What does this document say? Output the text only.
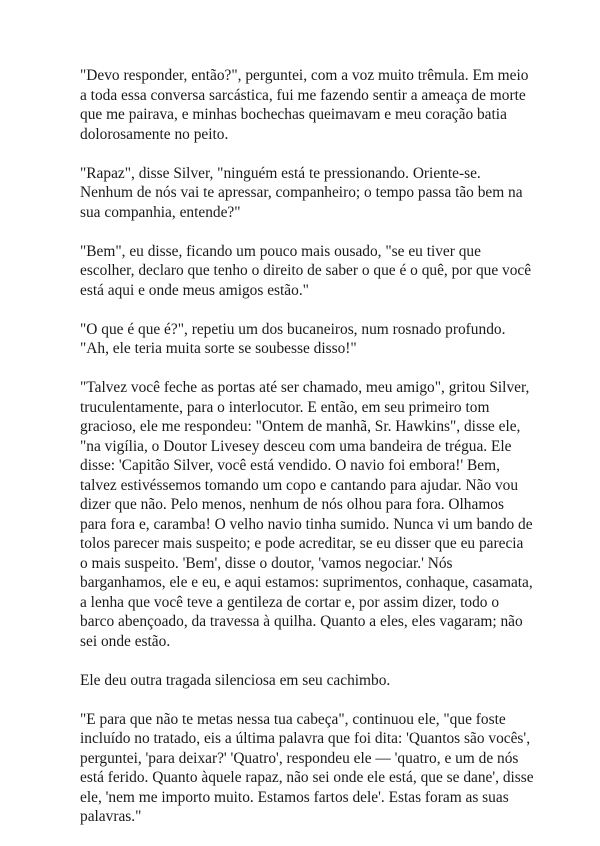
"Devo responder, então?", perguntei, com a voz muito trêmula. Em meio a toda essa conversa sarcástica, fui me fazendo sentir a ameaça de morte que me pairava, e minhas bochechas queimavam e meu coração batia dolorosamente no peito.

"Rapaz", disse Silver, "ninguém está te pressionando. Oriente-se. Nenhum de nós vai te apressar, companheiro; o tempo passa tão bem na sua companhia, entende?"

"Bem", eu disse, ficando um pouco mais ousado, "se eu tiver que escolher, declaro que tenho o direito de saber o que é o quê, por que você está aqui e onde meus amigos estão."

"O que é que é?", repetiu um dos bucaneiros, num rosnado profundo. "Ah, ele teria muita sorte se soubesse disso!"

"Talvez você feche as portas até ser chamado, meu amigo", gritou Silver, truculentamente, para o interlocutor. E então, em seu primeiro tom gracioso, ele me respondeu: "Ontem de manhã, Sr. Hawkins", disse ele, "na vigília, o Doutor Livesey desceu com uma bandeira de trégua. Ele disse: 'Capitão Silver, você está vendido. O navio foi embora!' Bem, talvez estivéssemos tomando um copo e cantando para ajudar. Não vou dizer que não. Pelo menos, nenhum de nós olhou para fora. Olhamos para fora e, caramba! O velho navio tinha sumido. Nunca vi um bando de tolos parecer mais suspeito; e pode acreditar, se eu disser que eu parecia o mais suspeito. 'Bem', disse o doutor, 'vamos negociar.' Nós barganhamos, ele e eu, e aqui estamos: suprimentos, conhaque, casamata, a lenha que você teve a gentileza de cortar e, por assim dizer, todo o barco abençoado, da travessa à quilha. Quanto a eles, eles vagaram; não sei onde estão.

Ele deu outra tragada silenciosa em seu cachimbo.

"E para que não te metas nessa tua cabeça", continuou ele, "que foste incluído no tratado, eis a última palavra que foi dita: 'Quantos são vocês', perguntei, 'para deixar?' 'Quatro', respondeu ele — 'quatro, e um de nós está ferido. Quanto àquele rapaz, não sei onde ele está, que se dane', disse ele, 'nem me importo muito. Estamos fartos dele'. Estas foram as suas palavras."
